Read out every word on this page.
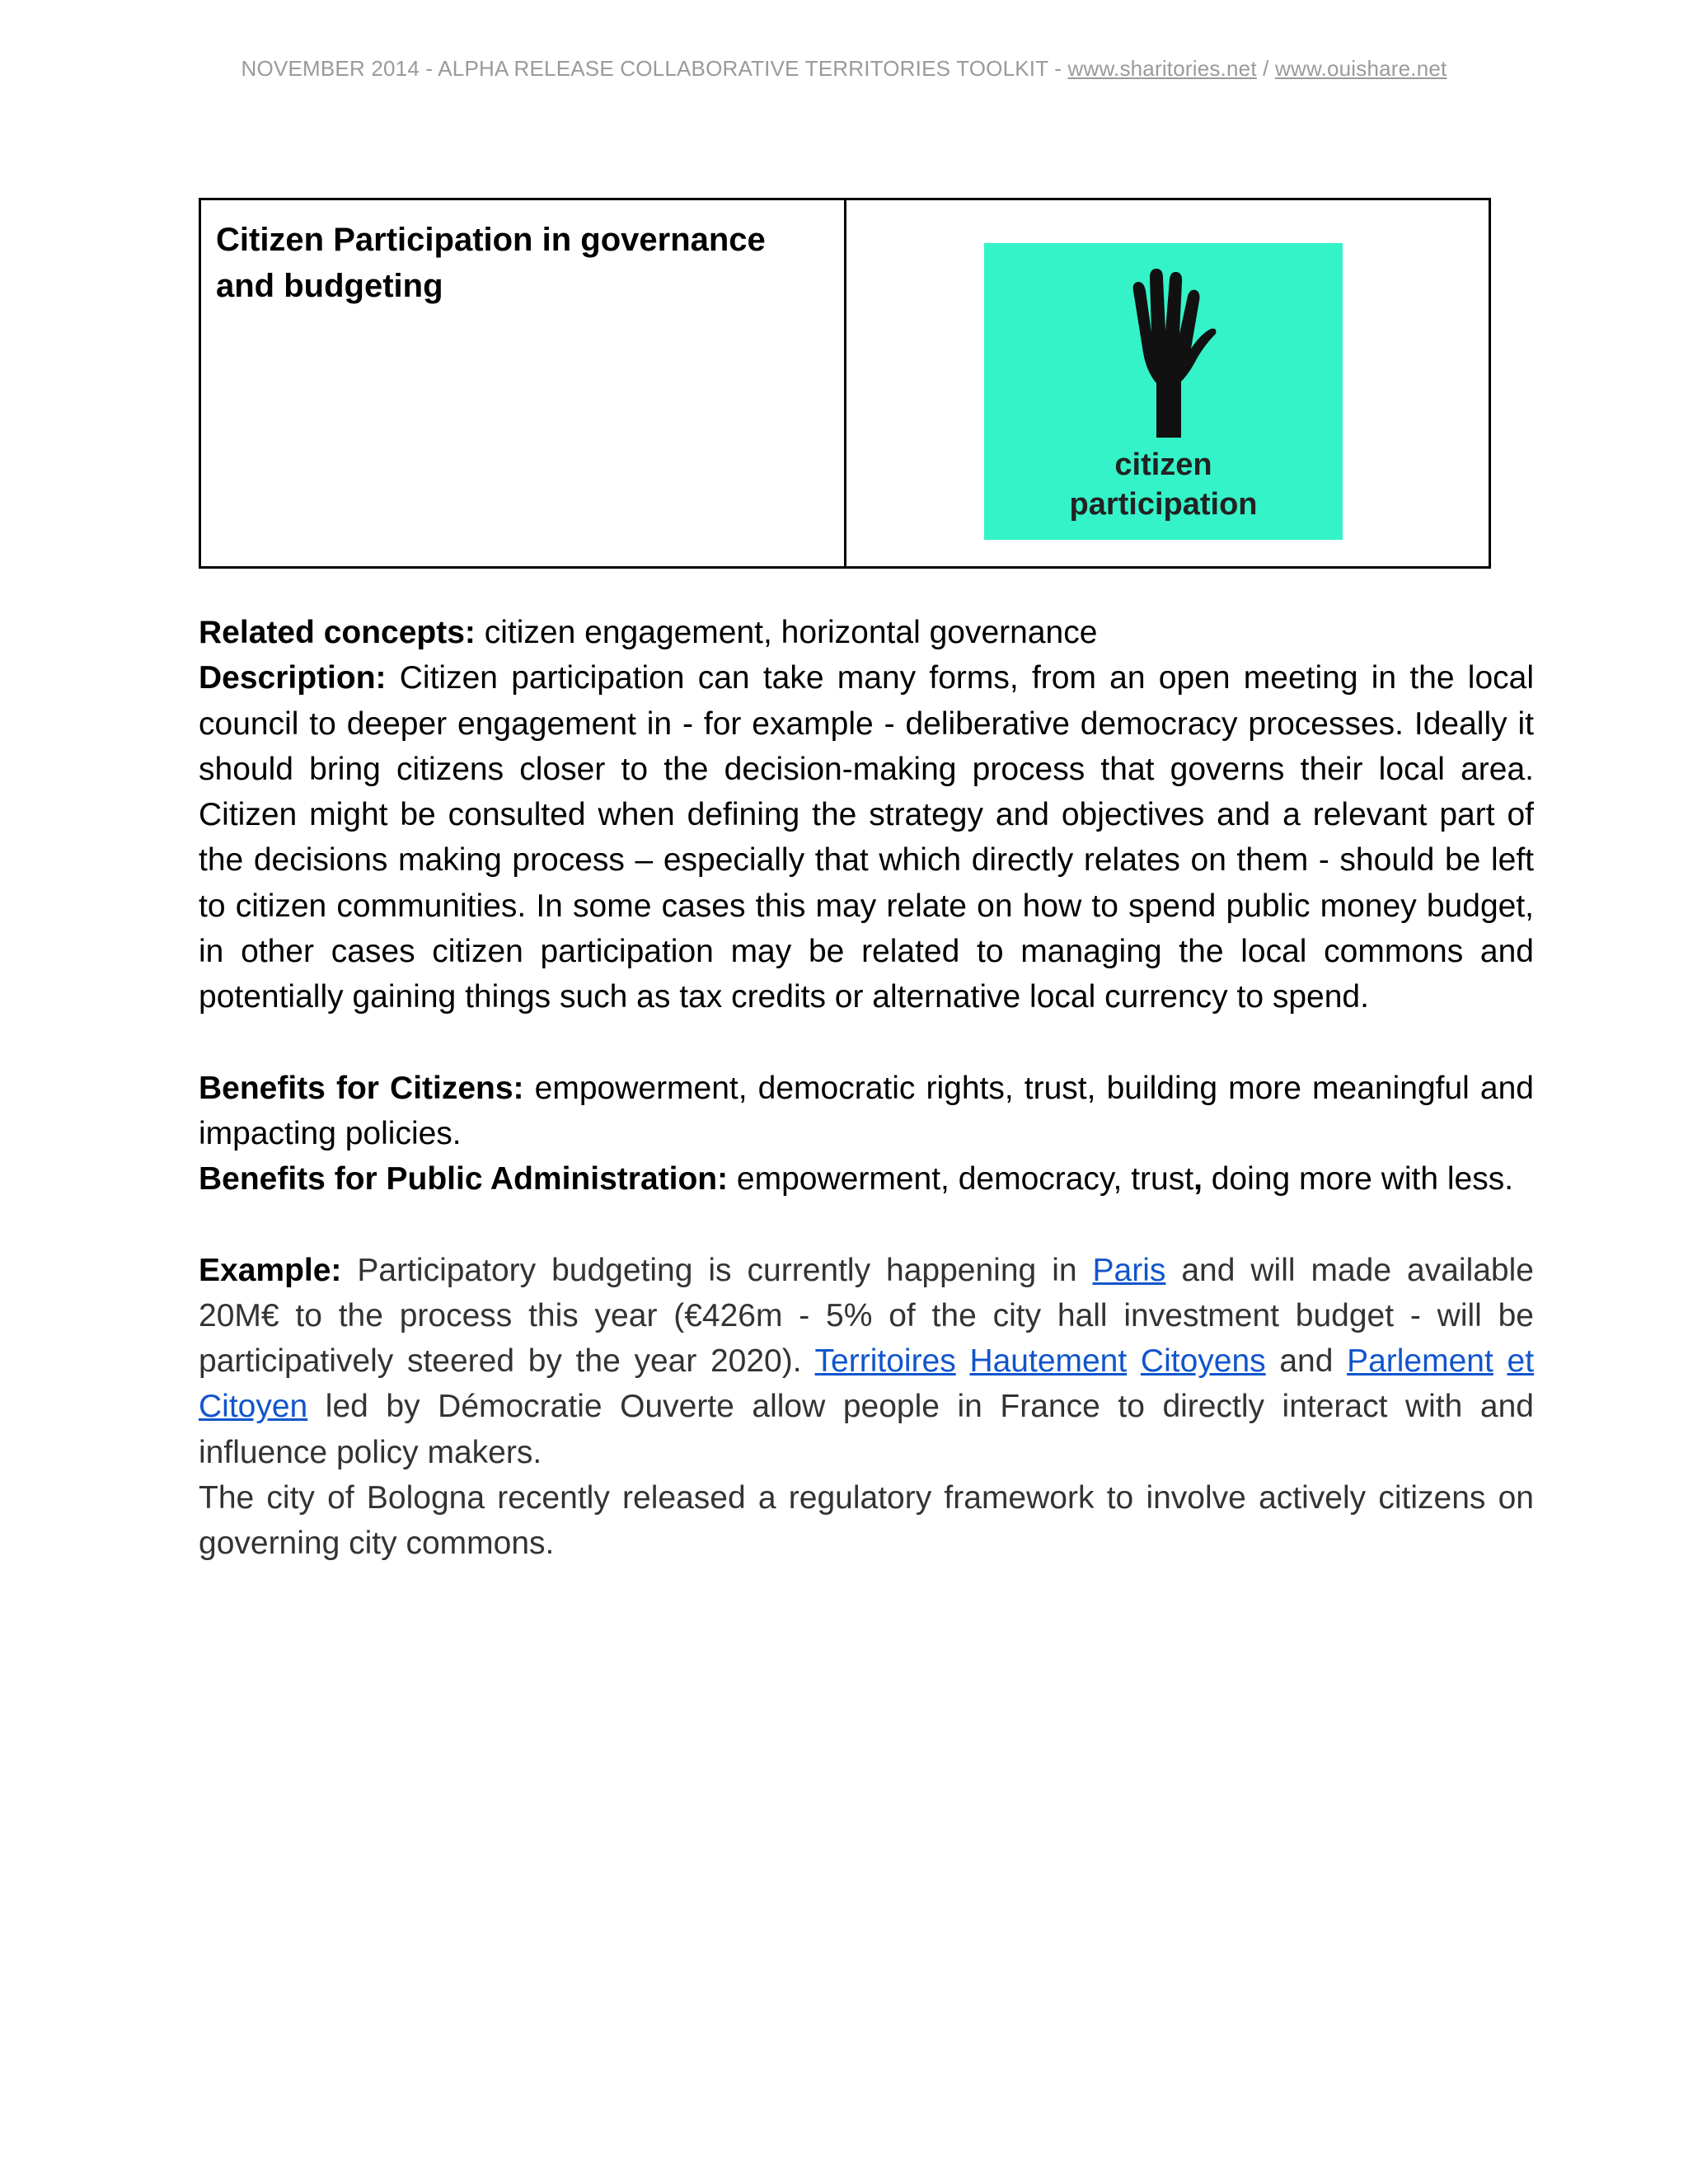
NOVEMBER 2014 - ALPHA RELEASE COLLABORATIVE TERRITORIES TOOLKIT - www.sharitories.net / www.ouishare.net
Citizen Participation in governance and budgeting
citizen
participation

Related concepts: citizen engagement, horizontal governance

Description: Citizen participation can take many forms, from an open meeting in the local council to deeper engagement in - for example - deliberative democracy processes. Ideally it should bring citizens closer to the decision-making process that governs their local area. Citizen might be consulted when defining the strategy and objectives and a relevant part of the decisions making process – especially that which directly relates on them - should be left to citizen communities. In some cases this may relate on how to spend public money budget, in other cases citizen participation may be related to managing the local commons and potentially gaining things such as tax credits or alternative local currency to spend.

Benefits for Citizens: empowerment, democratic rights, trust, building more meaningful and impacting policies.

Benefits for Public Administration: empowerment, democracy, trust, doing more with less.

Example: Participatory budgeting is currently happening in Paris and will made available 20M€ to the process this year (€426m - 5% of the city hall investment budget - will be participatively steered by the year 2020). Territoires Hautement Citoyens and Parlement et Citoyen led by Démocratie Ouverte allow people in France to directly interact with and influence policy makers.

The city of Bologna recently released a regulatory framework to involve actively citizens on governing city commons.
